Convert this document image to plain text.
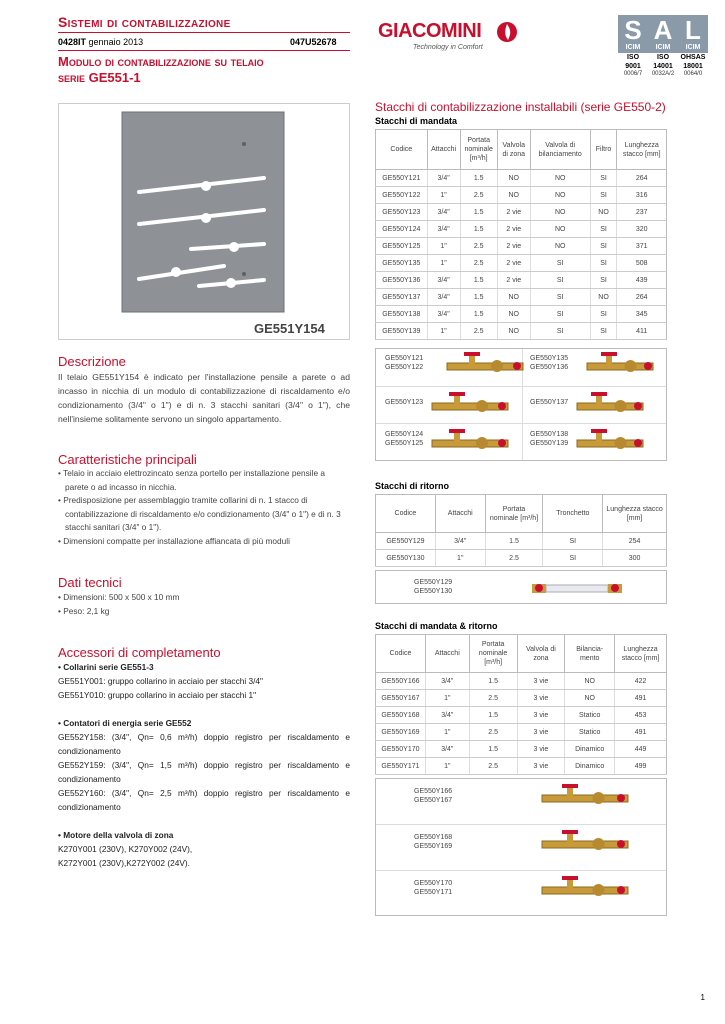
Sistemi di contabilizzazione
0428IT gennaio 2013	047U52678
Modulo di contabilizzazione su telaio
serie GE551-1
GIACOMINI
Technology in Comfort
S
ICIM
ISO
9001
0006/7
A
ICIM
ISO
14001
0032A/2
L
ICIM
OHSAS
18001
0064/0
GE551Y154
Descrizione
Il telaio GE551Y154 è indicato per l'installazione pensile a parete o ad incasso in nicchia di un modulo di contabilizzazione di riscaldamento e/o condizionamento (3/4" o 1") e di n. 3 stacchi sanitari (3/4" o 1"), che nell'insieme solitamente servono un singolo appartamento.
Caratteristiche principali
• Telaio in acciaio elettrozincato senza portello per installazione pensile a parete o ad incasso in nicchia.
• Predisposizione per assemblaggio tramite collarini di n. 1 stacco di contabilizzazione di riscaldamento e/o condizionamento (3/4" o 1") e di n. 3 stacchi sanitari (3/4" o 1").
• Dimensioni compatte per installazione affiancata di più moduli
Dati tecnici
• Dimensioni: 500 x 500 x 10 mm
• Peso: 2,1 kg
Accessori di completamento
• Collarini serie GE551-3
GE551Y001: gruppo collarino in acciaio per stacchi 3/4"
GE551Y010: gruppo collarino in acciaio per stacchi 1"
• Contatori di energia serie GE552
GE552Y158: (3/4", Qn= 0,6 m³/h) doppio registro per riscaldamento e condizionamento
GE552Y159: (3/4", Qn= 1,5 m³/h) doppio registro per riscaldamento e condizionamento
GE552Y160: (3/4", Qn= 2,5 m³/h) doppio registro per riscaldamento e condizionamento
• Motore della valvola di zona
K270Y001 (230V), K270Y002 (24V),
K272Y001 (230V),K272Y002 (24V).
Stacchi di contabilizzazione installabili (serie GE550-2)
Stacchi di mandata
Codice	Attacchi	Portata nominale [m³/h]	Valvola di zona	Valvola di bilanciamento	Filtro	Lunghezza stacco [mm]
GE550Y121	3/4"	1.5	NO	NO	SI	264
GE550Y122	1"	2.5	NO	NO	SI	316
GE550Y123	3/4"	1.5	2 vie	NO	NO	237
GE550Y124	3/4"	1.5	2 vie	NO	SI	320
GE550Y125	1"	2.5	2 vie	NO	SI	371
GE550Y135	1"	2.5	2 vie	SI	SI	508
GE550Y136	3/4"	1.5	2 vie	SI	SI	439
GE550Y137	3/4"	1.5	NO	SI	NO	264
GE550Y138	3/4"	1.5	NO	SI	SI	345
GE550Y139	1"	2.5	NO	SI	SI	411
GE550Y121
GE550Y122
GE550Y135
GE550Y136
GE550Y123	GE550Y137
GE550Y124
GE550Y125
GE550Y138
GE550Y139
Stacchi di ritorno
Codice	Attacchi	Portata nominale [m³/h]	Tronchetto	Lunghezza stacco [mm]
GE550Y129	3/4"	1.5	SI	254
GE550Y130	1"	2.5	SI	300
GE550Y129
GE550Y130
Stacchi di mandata & ritorno
Codice	Attacchi	Portata nominale [m³/h]	Valvola di zona	Bilancia-mento	Lunghezza stacco [mm]
GE550Y166	3/4"	1.5	3 vie	NO	422
GE550Y167	1"	2.5	3 vie	NO	491
GE550Y168	3/4"	1.5	3 vie	Statico	453
GE550Y169	1"	2.5	3 vie	Statico	491
GE550Y170	3/4"	1.5	3 vie	Dinamico	449
GE550Y171	1"	2.5	3 vie	Dinamico	499
GE550Y166
GE550Y167
GE550Y168
GE550Y169
GE550Y170
GE550Y171
1
